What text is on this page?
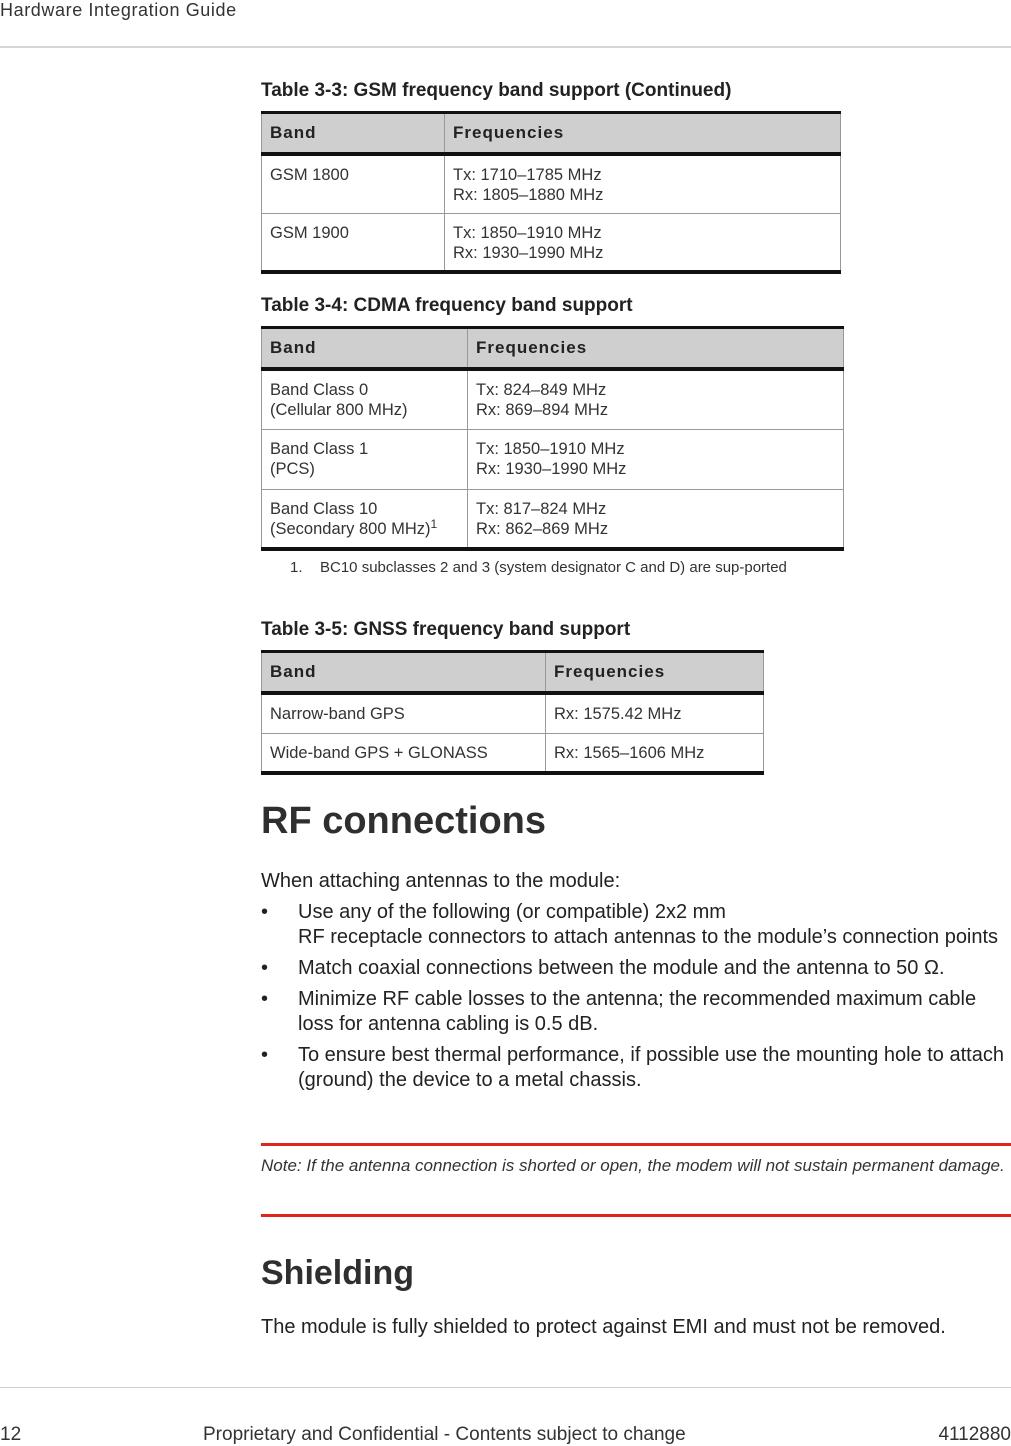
Hardware Integration Guide
Table 3-3: GSM frequency band support (Continued)
Band	Frequencies

GSM 1800	Tx: 1710–1785 MHz
Rx: 1805–1880 MHz

GSM 1900	Tx: 1850–1910 MHz
Rx: 1930–1990 MHz
Table 3-4: CDMA frequency band support
Band	Frequencies

Band Class 0
(Cellular 800 MHz)	Tx: 824–849 MHz
Rx: 869–894 MHz

Band Class 1
(PCS)	Tx: 1850–1910 MHz
Rx: 1930–1990 MHz

Band Class 10
(Secondary 800 MHz)$^1$	Tx: 817–824 MHz
Rx: 862–869 MHz
1.	BC10 subclasses 2 and 3 (system designator C and D) are sup-ported
Table 3-5: GNSS frequency band support
Band	Frequencies

Narrow-band GPS	Rx: 1575.42 MHz

Wide-band GPS + GLONASS	Rx: 1565–1606 MHz
RF connections

When attaching antennas to the module:

• Use any of the following (or compatible) 2x2 mm
RF receptacle connectors to attach antennas to the module’s connection points
• Match coaxial connections between the module and the antenna to 50 Ω.
• Minimize RF cable losses to the antenna; the recommended maximum cable loss for antenna cabling is 0.5 dB.
• To ensure best thermal performance, if possible use the mounting hole to attach (ground) the device to a metal chassis.
Note: If the antenna connection is shorted or open, the modem will not sustain permanent damage.
Shielding

The module is fully shielded to protect against EMI and must not be removed.

12	Proprietary and Confidential - Contents subject to change	4112880
